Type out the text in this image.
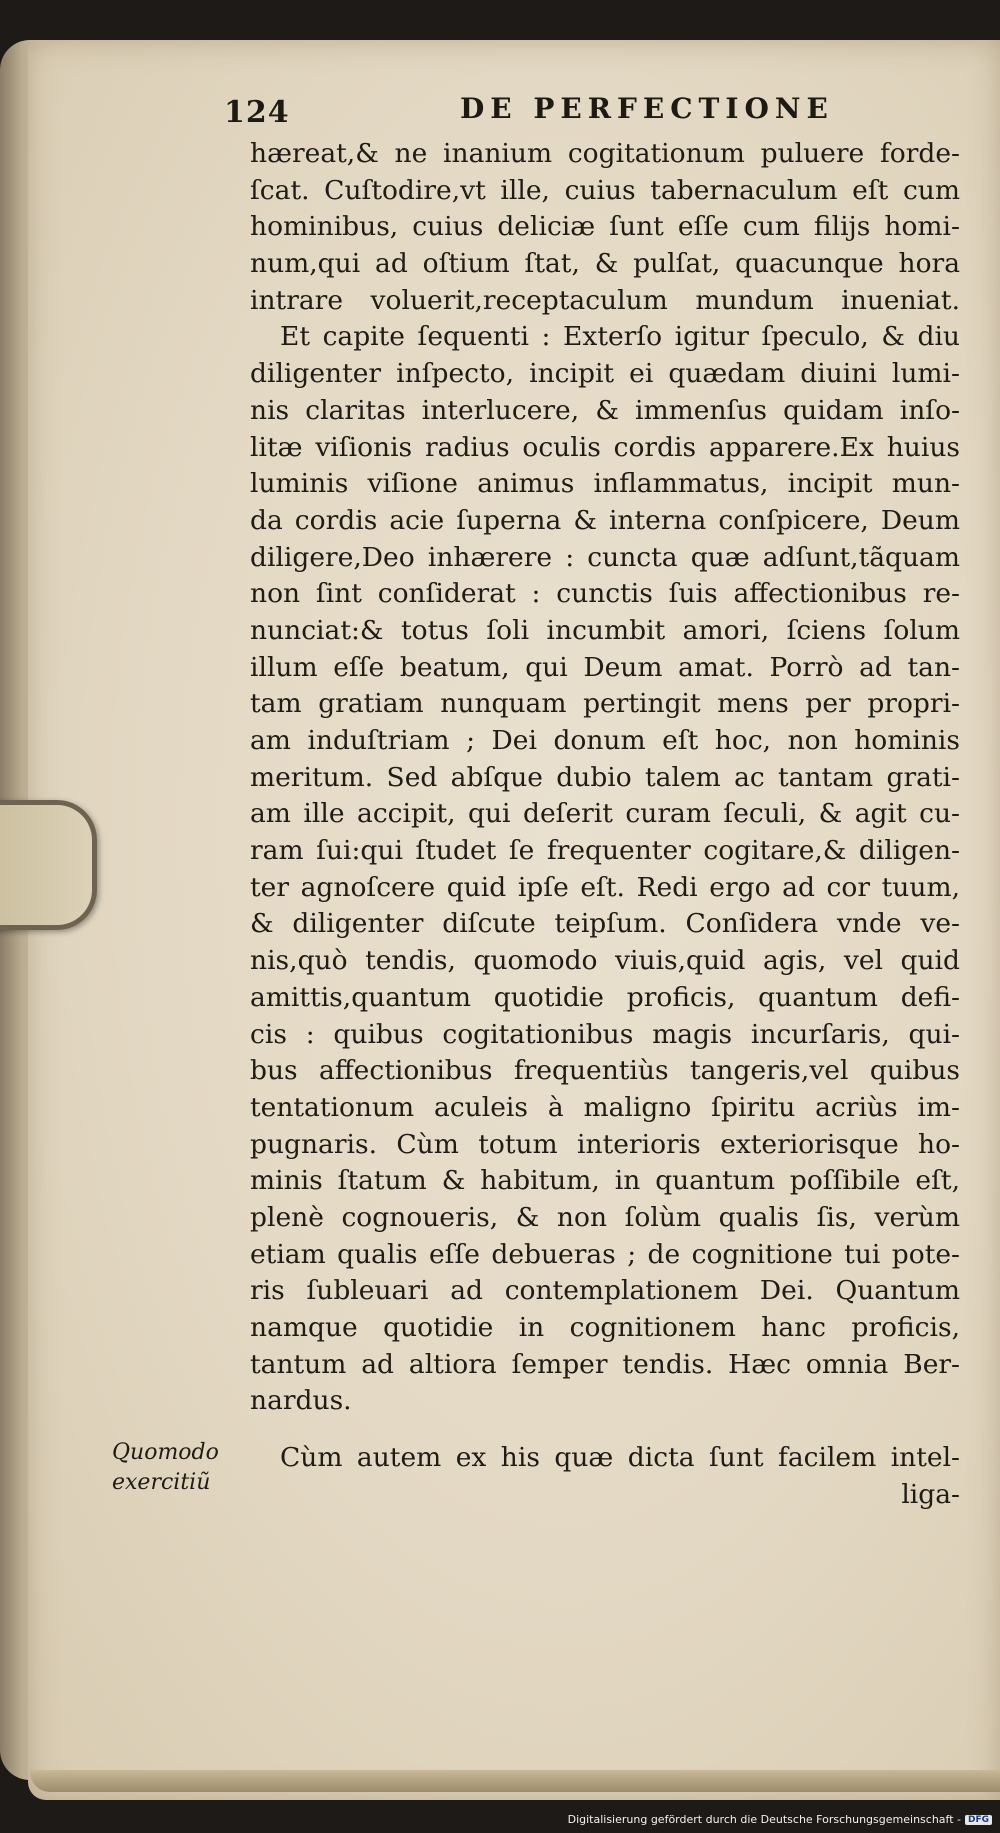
124	DE PERFECTIONE
hæreat,& ne inanium cogitationum puluere forde-
ſcat. Cuſtodire,vt ille, cuius tabernaculum eſt cum
hominibus, cuius deliciæ ſunt eſſe cum filijs homi-
num,qui ad oſtium ſtat, & pulſat, quacunque hora
intrare voluerit,receptaculum mundum inueniat.
Et capite ſequenti : Exterſo igitur ſpeculo, & diu
diligenter inſpecto, incipit ei quædam diuini lumi-
nis claritas interlucere, & immenſus quidam inſo-
litæ viſionis radius oculis cordis apparere.Ex huius
luminis viſione animus inflammatus, incipit mun-
da cordis acie ſuperna & interna conſpicere, Deum
diligere,Deo inhærere : cuncta quæ adſunt,tãquam
non ſint conſiderat : cunctis ſuis affectionibus re-
nunciat:& totus ſoli incumbit amori, ſciens ſolum
illum eſſe beatum, qui Deum amat. Porrò ad tan-
tam gratiam nunquam pertingit mens per propri-
am induſtriam ; Dei donum eſt hoc, non hominis
meritum. Sed abſque dubio talem ac tantam grati-
am ille accipit, qui deſerit curam ſeculi, & agit cu-
ram ſui:qui ſtudet ſe frequenter cogitare,& diligen-
ter agnoſcere quid ipſe eſt. Redi ergo ad cor tuum,
& diligenter diſcute teipſum. Conſidera vnde ve-
nis,quò tendis, quomodo viuis,quid agis, vel quid
amittis,quantum quotidie proficis, quantum defi-
cis : quibus cogitationibus magis incurſaris, qui-
bus affectionibus frequentiùs tangeris,vel quibus
tentationum aculeis à maligno ſpiritu acriùs im-
pugnaris. Cùm totum interioris exteriorisque ho-
minis ſtatum & habitum, in quantum poſſibile eſt,
plenè cognoueris, & non ſolùm qualis ſis, verùm
etiam qualis eſſe debueras ; de cognitione tui pote-
ris ſubleuari ad contemplationem Dei. Quantum
namque quotidie in cognitionem hanc proficis,
tantum ad altiora ſemper tendis. Hæc omnia Ber-
nardus.
Quomodo
exercitiũ
Cùm autem ex his quæ dicta ſunt facilem intel-
liga-
Digitalisierung gefördert durch die Deutsche Forschungsgemeinschaft - DFG
